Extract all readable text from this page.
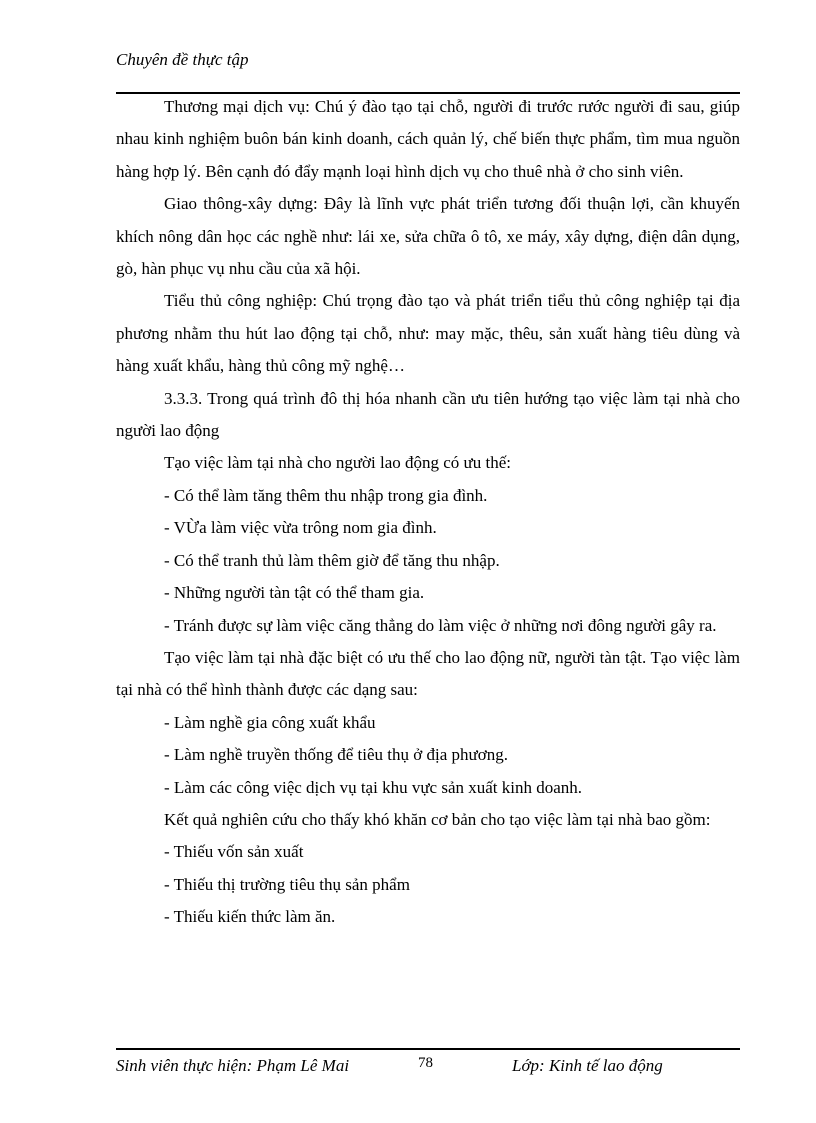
Chuyên đề thực tập

Thương mại dịch vụ: Chú ý đào tạo tại chỗ, người đi trước rước người đi sau, giúp nhau kinh nghiệm buôn bán kinh doanh, cách quản lý, chế biến thực phẩm, tìm mua nguồn hàng hợp lý. Bên cạnh đó đẩy mạnh loại hình dịch vụ cho thuê nhà ở cho sinh viên.

Giao thông-xây dựng: Đây là lĩnh vực phát triển tương đối thuận lợi, cần khuyến khích nông dân học các nghề như: lái xe, sửa chữa ô tô, xe máy, xây dựng, điện dân dụng, gò, hàn phục vụ nhu cầu của xã hội.

Tiểu thủ công nghiệp: Chú trọng đào tạo và phát triển tiểu thủ công nghiệp tại địa phương nhằm thu hút lao động tại chỗ, như: may mặc, thêu, sản xuất hàng tiêu dùng và hàng xuất khẩu, hàng thủ công mỹ nghệ…

3.3.3. Trong quá trình đô thị hóa nhanh cần ưu tiên hướng tạo việc làm tại nhà cho người lao động

Tạo việc làm tại nhà cho người lao động có ưu thế:

- Có thể làm tăng thêm thu nhập trong gia đình.

- VỪa làm việc vừa trông nom gia đình.

- Có thể tranh thủ làm thêm giờ để tăng thu nhập.

- Những người tàn tật có thể tham gia.

- Tránh được sự làm việc căng thẳng do làm việc ở những nơi đông người gây ra.

Tạo việc làm tại nhà đặc biệt có ưu thế cho lao động nữ, người tàn tật. Tạo việc làm tại nhà có thể hình thành được các dạng sau:

- Làm nghề gia công xuất khẩu

- Làm nghề truyền thống để tiêu thụ ở địa phương.

- Làm các công việc dịch vụ tại khu vực sản xuất kinh doanh.

Kết quả nghiên cứu cho thấy khó khăn cơ bản cho tạo việc làm tại nhà bao gồm:

- Thiếu vốn sản xuất

- Thiếu thị trường tiêu thụ sản phẩm

- Thiếu kiến thức làm ăn.

Sinh viên thực hiện: Phạm Lê Mai	78	Lớp: Kinh tế lao động
